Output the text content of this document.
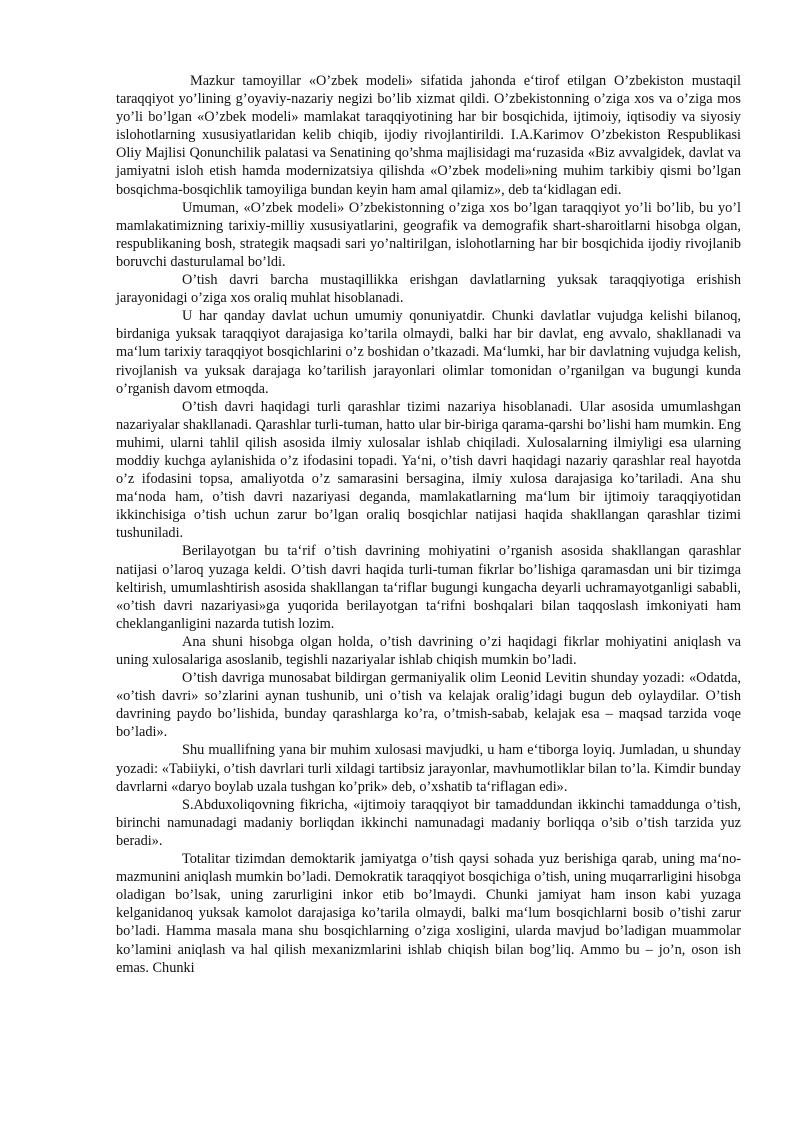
Mazkur tamoyillar «O’zbek modeli» sifatida jahonda e‘tirof etilgan O’zbekiston mustaqil taraqqiyot yo’lining g’oyaviy-nazariy negizi bo’lib xizmat qildi. O’zbekistonning o’ziga xos va o’ziga mos yo’li bo’lgan «O’zbek modeli» mamlakat taraqqiyotining har bir bosqichida, ijtimoiy, iqtisodiy va siyosiy islohotlarning xususiyatlaridan kelib chiqib, ijodiy rivojlantirildi. I.A.Karimov O’zbekiston Respublikasi Oliy Majlisi Qonunchilik palatasi va Senatining qo’shma majlisidagi ma‘ruzasida «Biz avvalgidek, davlat va jamiyatni isloh etish hamda modernizatsiya qilishda «O’zbek modeli»ning muhim tarkibiy qismi bo’lgan bosqichma-bosqichlik tamoyiliga bundan keyin ham amal qilamiz», deb ta‘kidlagan edi.

Umuman, «O’zbek modeli» O’zbekistonning o’ziga xos bo’lgan taraqqiyot yo’li bo’lib, bu yo’l mamlakatimizning tarixiy-milliy xususiyatlarini, geografik va demografik shart-sharoitlarni hisobga olgan, respublikaning bosh, strategik maqsadi sari yo’naltirilgan, islohotlarning har bir bosqichida ijodiy rivojlanib boruvchi dasturulamal bo’ldi.

O’tish davri barcha mustaqillikka erishgan davlatlarning yuksak taraqqiyotiga erishish jarayonidagi o’ziga xos oraliq muhlat hisoblanadi.

U har qanday davlat uchun umumiy qonuniyatdir. Chunki davlatlar vujudga kelishi bilanoq, birdaniga yuksak taraqqiyot darajasiga ko’tarila olmaydi, balki har bir davlat, eng avvalo, shakllanadi va ma‘lum tarixiy taraqqiyot bosqichlarini o’z boshidan o’tkazadi. Ma‘lumki, har bir davlatning vujudga kelish, rivojlanish va yuksak darajaga ko’tarilish jarayonlari olimlar tomonidan o’rganilgan va bugungi kunda o’rganish davom etmoqda.

O’tish davri haqidagi turli qarashlar tizimi nazariya hisoblanadi. Ular asosida umumlashgan nazariyalar shakllanadi. Qarashlar turli-tuman, hatto ular bir-biriga qarama-qarshi bo’lishi ham mumkin. Eng muhimi, ularni tahlil qilish asosida ilmiy xulosalar ishlab chiqiladi. Xulosalarning ilmiyligi esa ularning moddiy kuchga aylanishida o’z ifodasini topadi. Ya‘ni, o’tish davri haqidagi nazariy qarashlar real hayotda o’z ifodasini topsa, amaliyotda o’z samarasini bersagina, ilmiy xulosa darajasiga ko’tariladi. Ana shu ma‘noda ham, o’tish davri nazariyasi deganda, mamlakatlarning ma‘lum bir ijtimoiy taraqqiyotidan ikkinchisiga o’tish uchun zarur bo’lgan oraliq bosqichlar natijasi haqida shakllangan qarashlar tizimi tushuniladi.

Berilayotgan bu ta‘rif o’tish davrining mohiyatini o’rganish asosida shakllangan qarashlar natijasi o’laroq yuzaga keldi. O’tish davri haqida turli-tuman fikrlar bo’lishiga qaramasdan uni bir tizimga keltirish, umumlashtirish asosida shakllangan ta‘riflar bugungi kungacha deyarli uchramayotganligi sababli, «o’tish davri nazariyasi»ga yuqorida berilayotgan ta‘rifni boshqalari bilan taqqoslash imkoniyati ham cheklanganligini nazarda tutish lozim.

Ana shuni hisobga olgan holda, o’tish davrining o’zi haqidagi fikrlar mohiyatini aniqlash va uning xulosalariga asoslanib, tegishli nazariyalar ishlab chiqish mumkin bo’ladi.

O’tish davriga munosabat bildirgan germaniyalik olim Leonid Levitin shunday yozadi: «Odatda, «o’tish davri» so’zlarini aynan tushunib, uni o’tish va kelajak oralig’idagi bugun deb oylaydilar. O’tish davrining paydo bo’lishida, bunday qarashlarga ko’ra, o’tmish-sabab, kelajak esa – maqsad tarzida voqe bo’ladi».

Shu muallifning yana bir muhim xulosasi mavjudki, u ham e‘tiborga loyiq. Jumladan, u shunday yozadi: «Tabiiyki, o’tish davrlari turli xildagi tartibsiz jarayonlar, mavhumotliklar bilan to’la. Kimdir bunday davrlarni «daryo boylab uzala tushgan ko’prik» deb, o’xshatib ta‘riflagan edi».

S.Abduxoliqovning fikricha, «ijtimoiy taraqqiyot bir tamaddundan ikkinchi tamaddunga o’tish, birinchi namunadagi madaniy borliqdan ikkinchi namunadagi madaniy borliqqa o’sib o’tish tarzida yuz beradi».

Totalitar tizimdan demoktarik jamiyatga o’tish qaysi sohada yuz berishiga qarab, uning ma‘no-mazmunini aniqlash mumkin bo’ladi. Demokratik taraqqiyot bosqichiga o’tish, uning muqarrarligini hisobga oladigan bo’lsak, uning zarurligini inkor etib bo’lmaydi. Chunki jamiyat ham inson kabi yuzaga kelganidanoq yuksak kamolot darajasiga ko’tarila olmaydi, balki ma‘lum bosqichlarni bosib o’tishi zarur bo’ladi. Hamma masala mana shu bosqichlarning o’ziga xosligini, ularda mavjud bo’ladigan muammolar ko’lamini aniqlash va hal qilish mexanizmlarini ishlab chiqish bilan bog’liq. Ammo bu – jo’n, oson ish emas. Chunki
